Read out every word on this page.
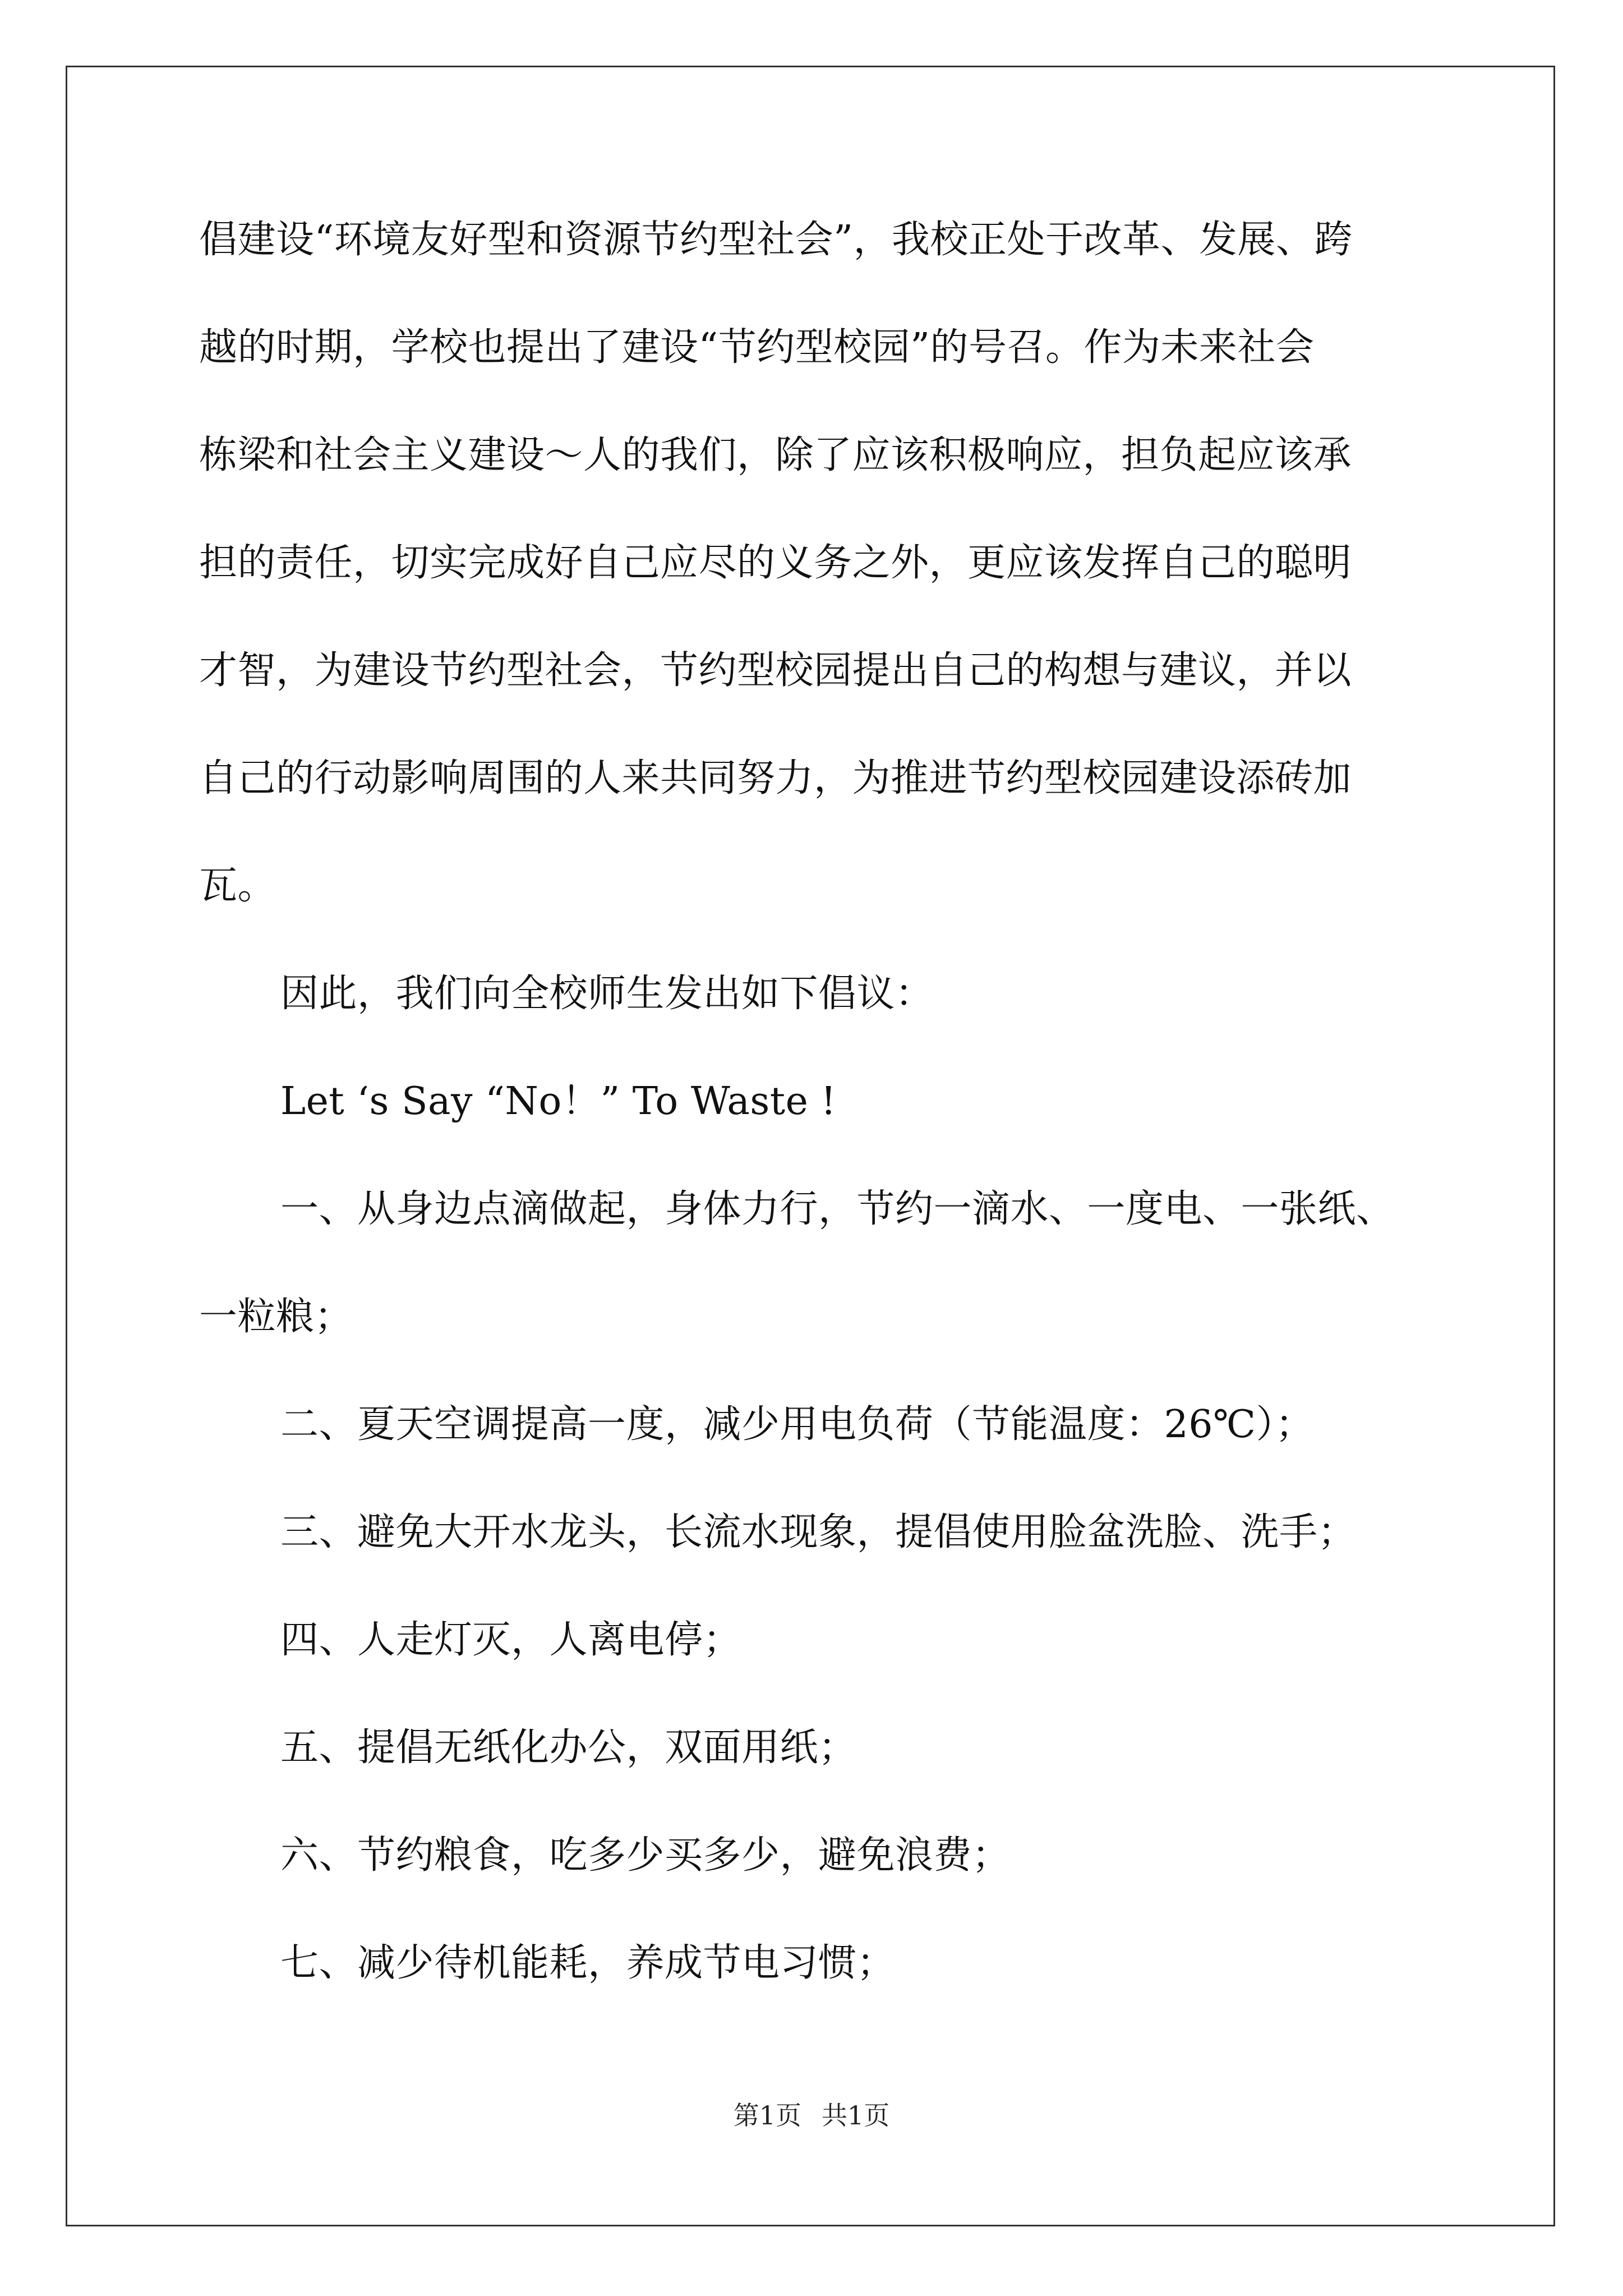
倡建设“环境友好型和资源节约型社会”，我校正处于改革、发展、跨
越的时期，学校也提出了建设“节约型校园”的号召。作为未来社会
栋梁和社会主义建设～人的我们，除了应该积极响应，担负起应该承
担的责任，切实完成好自己应尽的义务之外，更应该发挥自己的聪明
才智，为建设节约型社会，节约型校园提出自己的构想与建议，并以
自己的行动影响周围的人来共同努力，为推进节约型校园建设添砖加
瓦。
因此，我们向全校师生发出如下倡议：
Let ‘s Say “No！” To Waste !
一、从身边点滴做起，身体力行，节约一滴水、一度电、一张纸、
一粒粮；
二、夏天空调提高一度，减少用电负荷（节能温度：26℃）；
三、避免大开水龙头，长流水现象，提倡使用脸盆洗脸、洗手；
四、人走灯灭，人离电停；
五、提倡无纸化办公，双面用纸；
六、节约粮食，吃多少买多少，避免浪费；
七、减少待机能耗，养成节电习惯；
第1页 共1页
